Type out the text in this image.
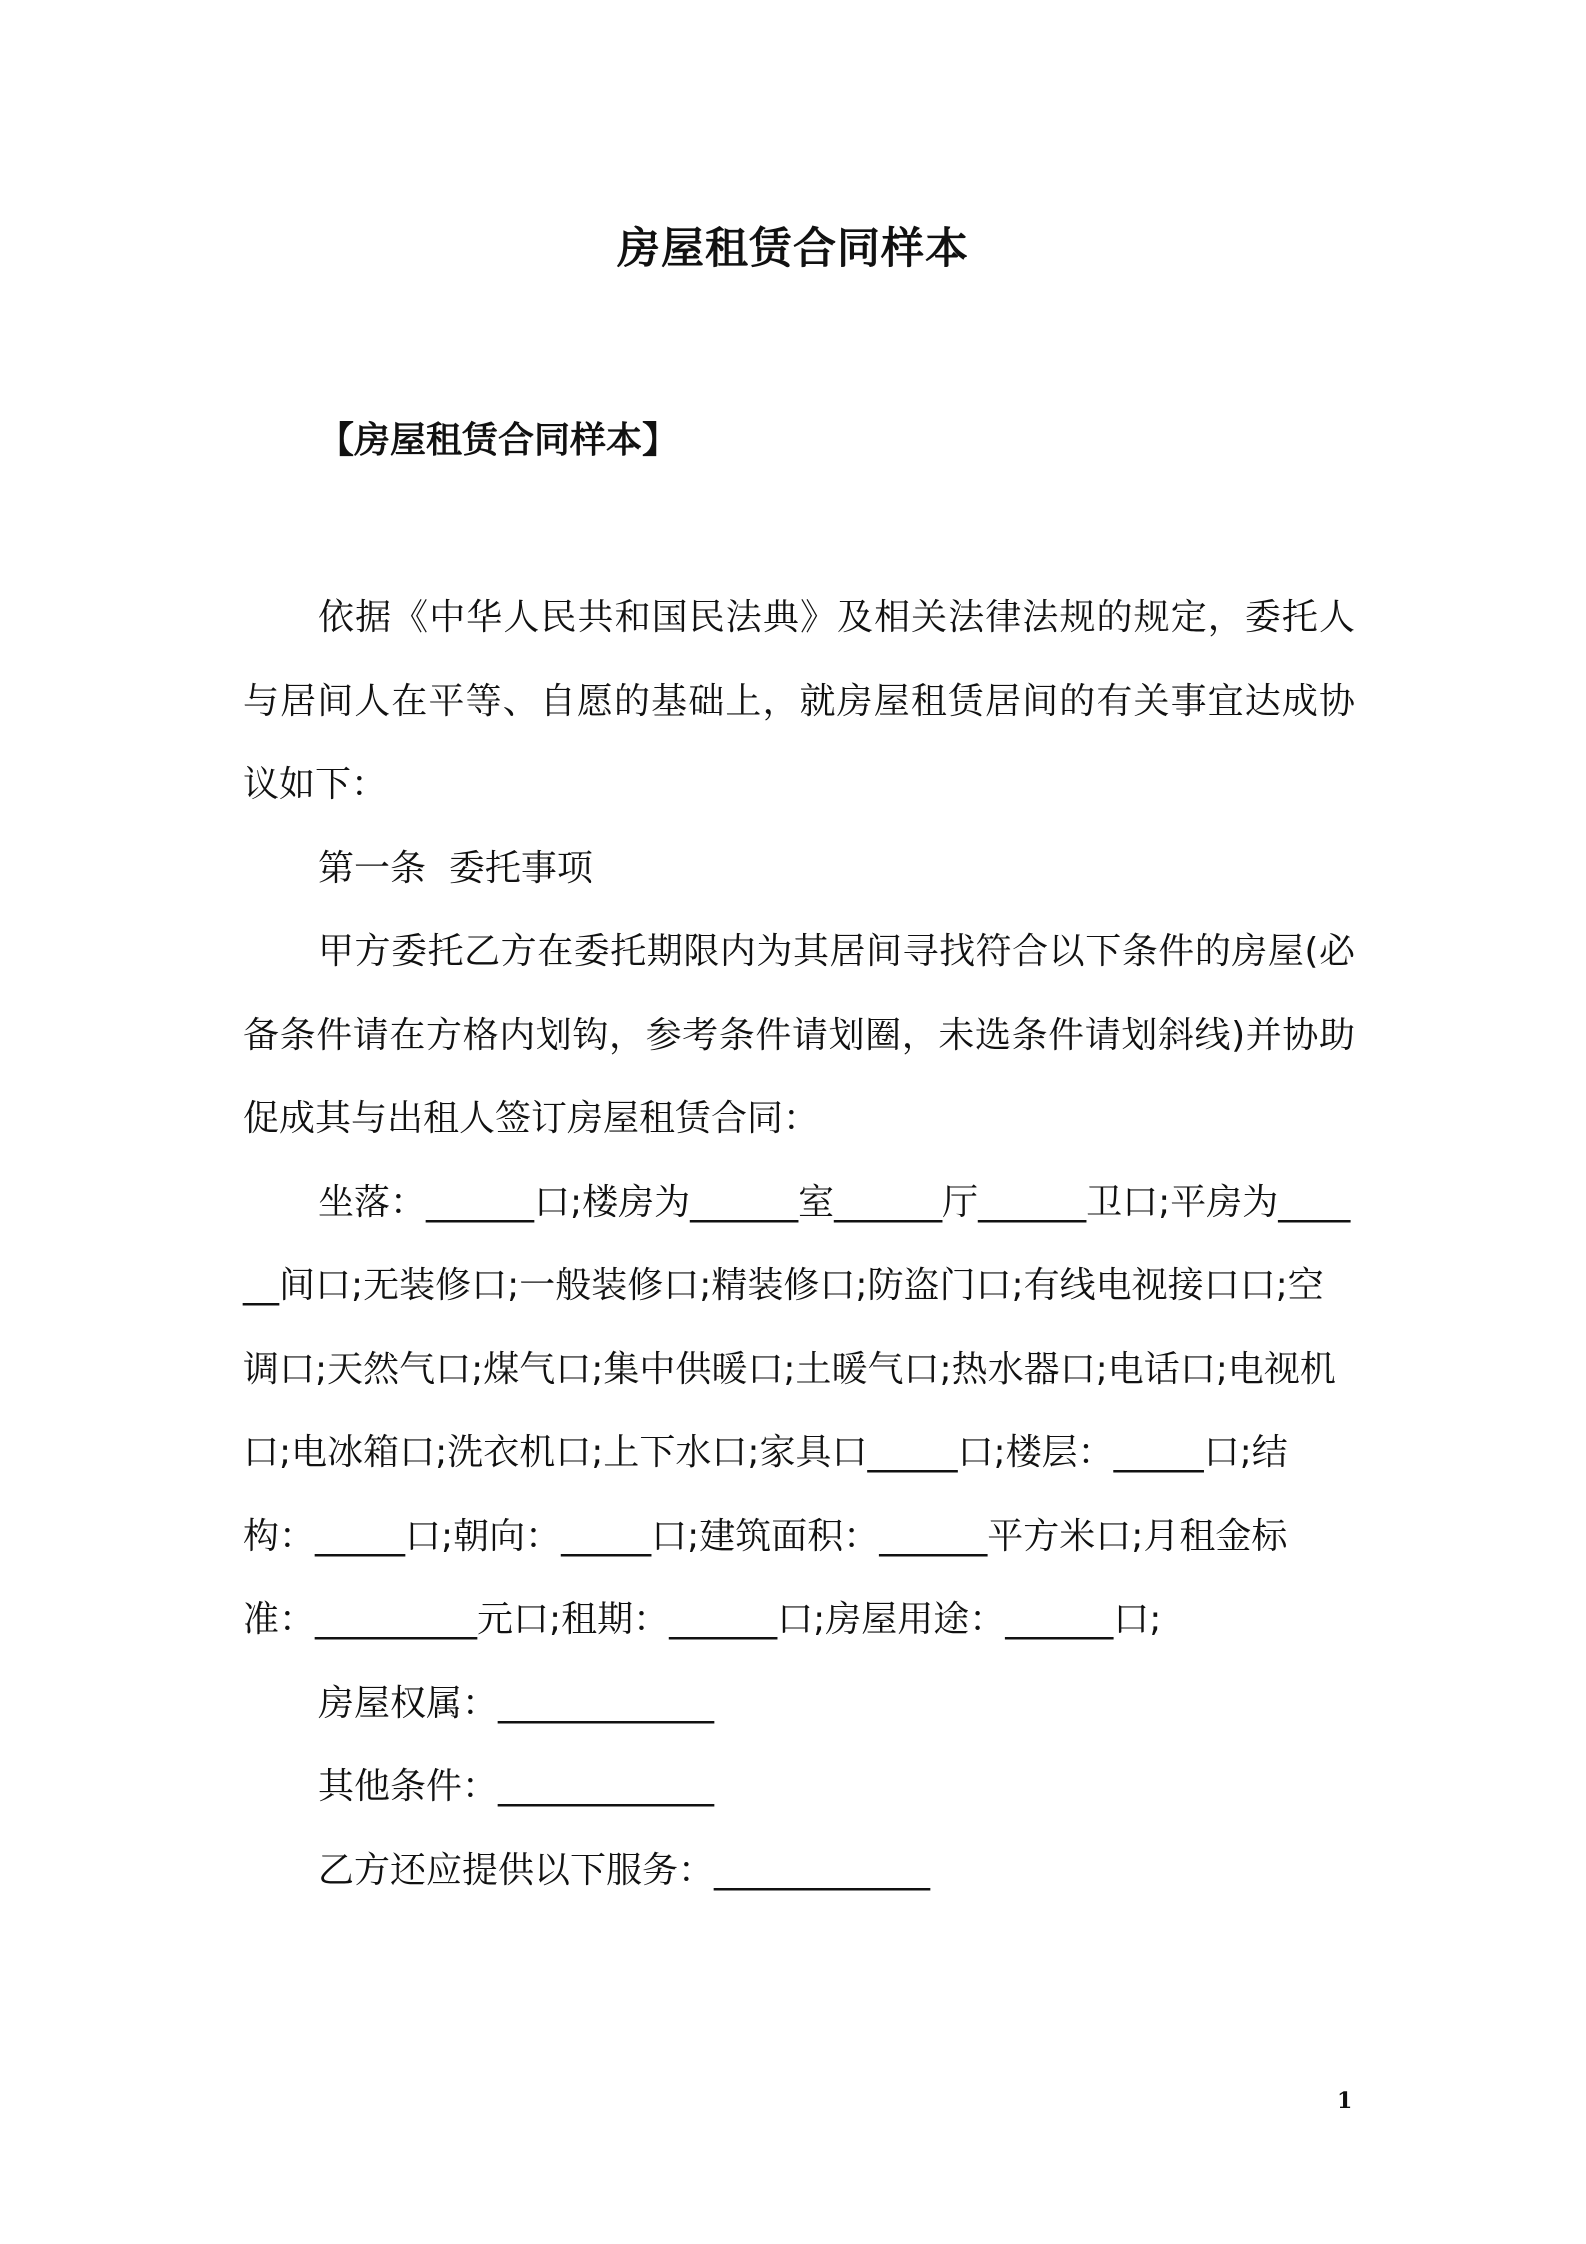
房屋租赁合同样本
【房屋租赁合同样本】

依据《中华人民共和国民法典》及相关法律法规的规定，委托人与居间人在平等、自愿的基础上，就房屋租赁居间的有关事宜达成协议如下：

第一条  委托事项

甲方委托乙方在委托期限内为其居间寻找符合以下条件的房屋(必备条件请在方格内划钩，参考条件请划圈，未选条件请划斜线)并协助促成其与出租人签订房屋租赁合同：

坐落：______口;楼房为______室______厅______卫口;平房为______间口;无装修口;一般装修口;精装修口;防盗门口;有线电视接口口;空调口;天然气口;煤气口;集中供暖口;土暖气口;热水器口;电话口;电视机口;电冰箱口;洗衣机口;上下水口;家具口_____口;楼层：_____口;结构：_____口;朝向：_____口;建筑面积：______平方米口;月租金标准：_________元口;租期：______口;房屋用途：______口;

房屋权属：____________

其他条件：____________

乙方还应提供以下服务：____________

1
